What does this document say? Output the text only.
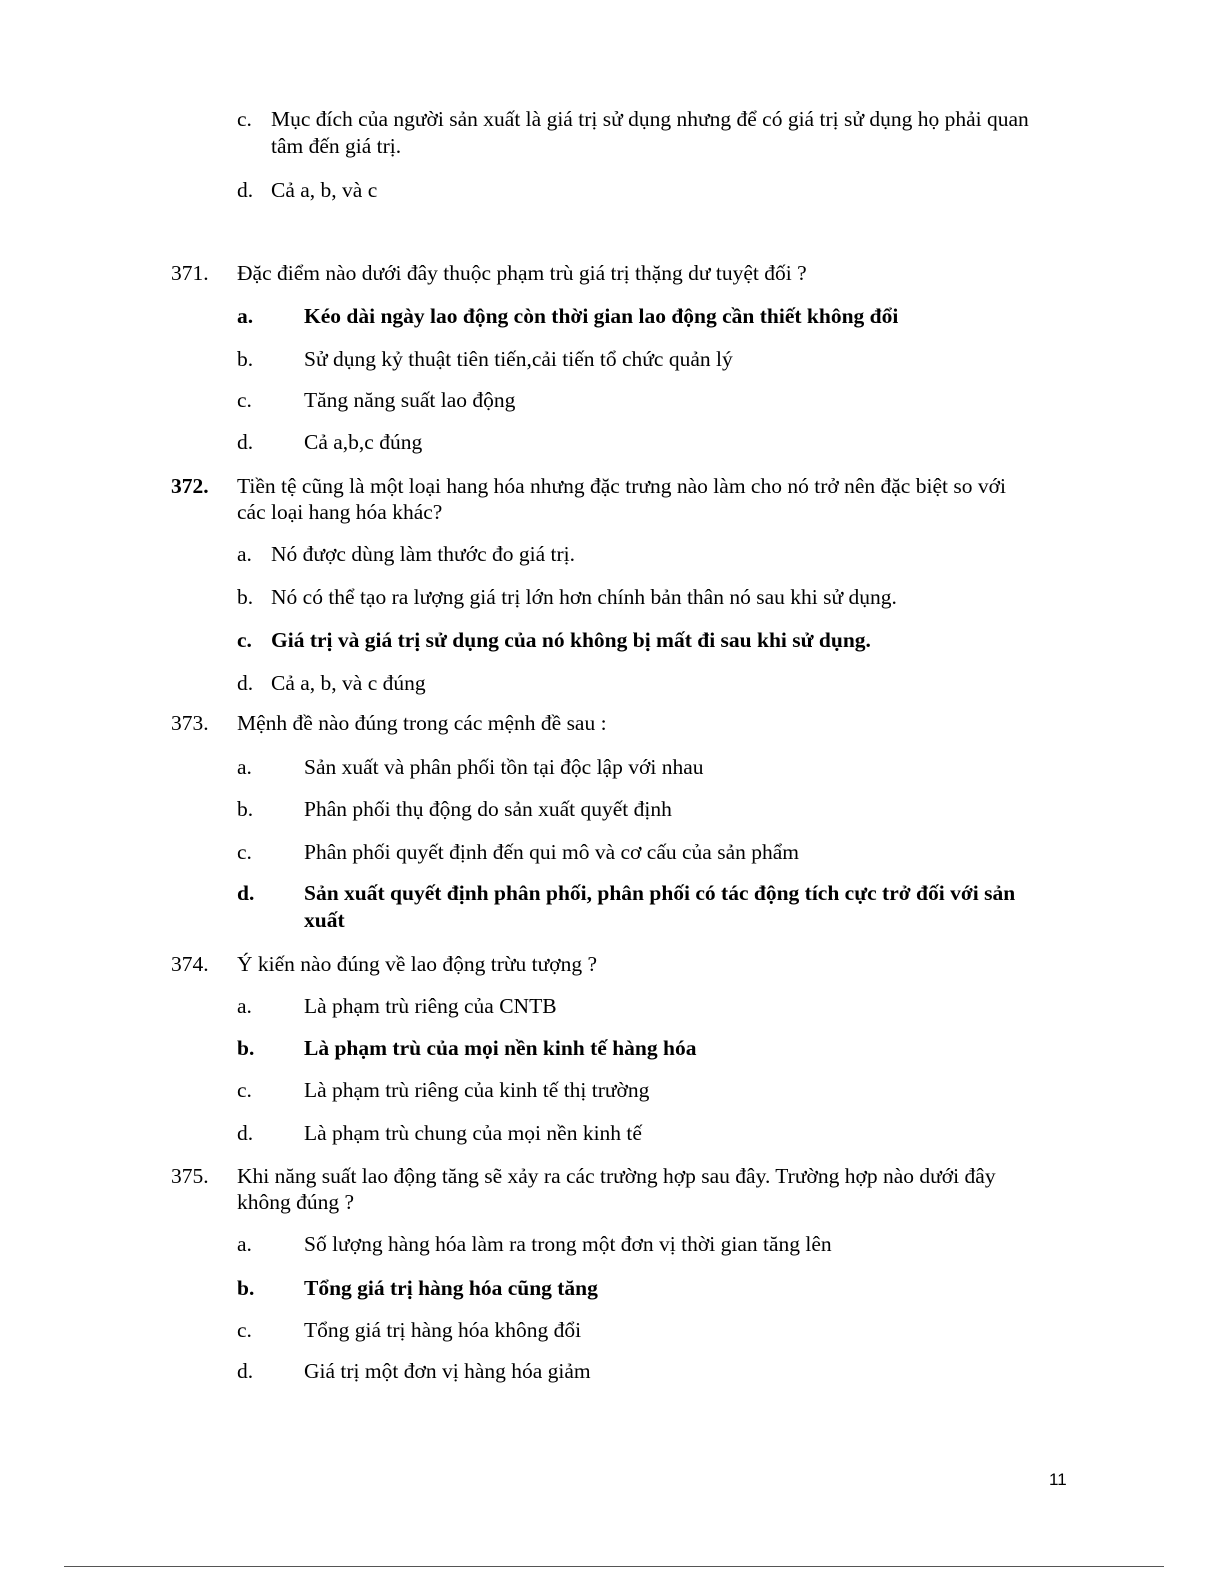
c. Mục đích của người sản xuất là giá trị sử dụng nhưng để có giá trị sử dụng họ phải quan
tâm đến giá trị.
d. Cả a, b, và c
371. Đặc điểm nào dưới đây thuộc phạm trù giá trị thặng dư tuyệt đối ?
a. Kéo dài ngày lao động còn thời gian lao động cần thiết không đổi
b. Sử dụng kỷ thuật tiên tiến,cải tiến tổ chức quản lý
c. Tăng năng suất lao động
d. Cả a,b,c đúng
372. Tiền tệ cũng là một loại hang hóa nhưng đặc trưng nào làm cho nó trở nên đặc biệt so với
các loại hang hóa khác?
a. Nó được dùng làm thước đo giá trị.
b. Nó có thể tạo ra lượng giá trị lớn hơn chính bản thân nó sau khi sử dụng.
c. Giá trị và giá trị sử dụng của nó không bị mất đi sau khi sử dụng.
d. Cả a, b, và c đúng
373. Mệnh đề nào đúng trong các mệnh đề sau :
a. Sản xuất và phân phối tồn tại độc lập với nhau
b. Phân phối thụ động do sản xuất quyết định
c. Phân phối quyết định đến qui mô và cơ cấu của sản phẩm
d. Sản xuất quyết định phân phối, phân phối có tác động tích cực trở đối với sản
xuất
374. Ý kiến nào đúng về lao động trừu tượng ?
a. Là phạm trù riêng của CNTB
b. Là phạm trù của mọi nền kinh tế hàng hóa
c. Là phạm trù riêng của kinh tế thị trường
d. Là phạm trù chung của mọi nền kinh tế
375. Khi năng suất lao động tăng sẽ xảy ra các trường hợp sau đây. Trường hợp nào dưới đây
không đúng ?
a. Số lượng hàng hóa làm ra trong một đơn vị thời gian tăng lên
b. Tổng giá trị hàng hóa cũng tăng
c. Tổng giá trị hàng hóa không đổi
d. Giá trị một đơn vị hàng hóa giảm
11
